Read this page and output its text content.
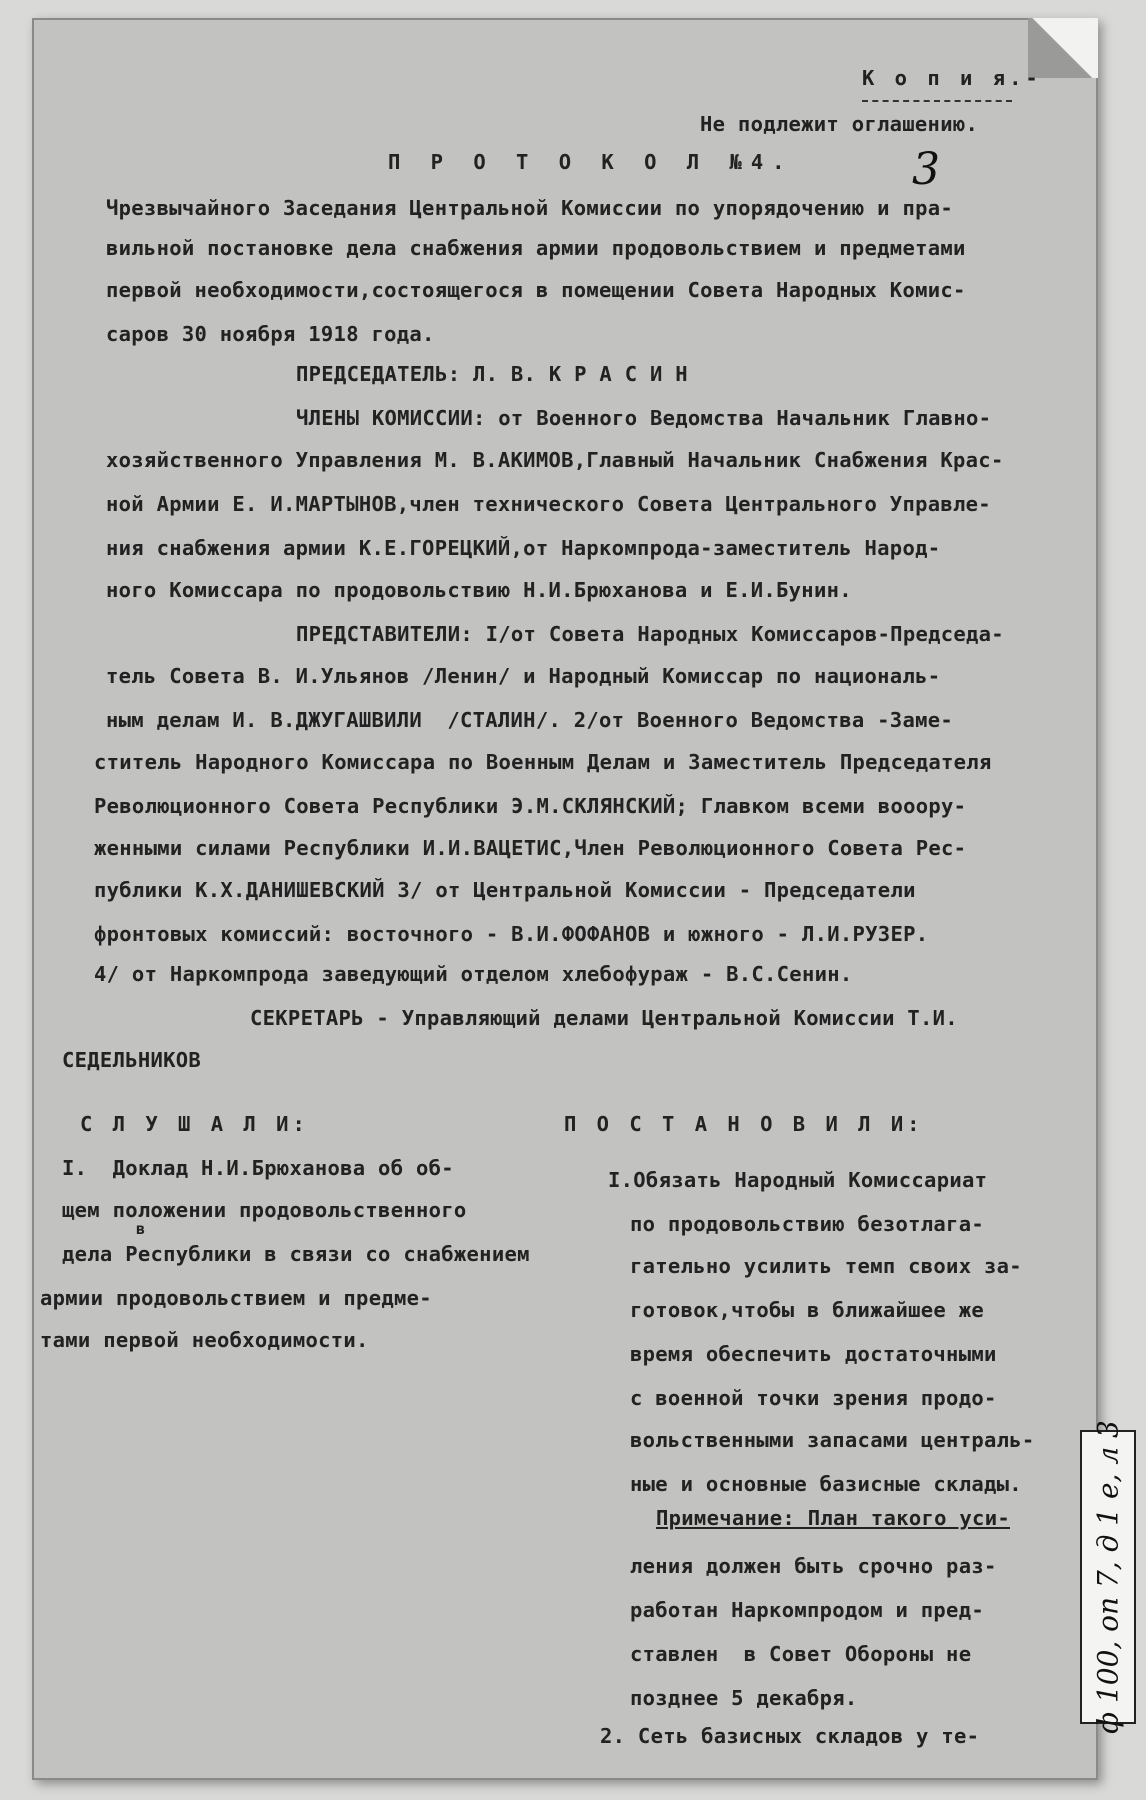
К о п и я.-
Не подлежит оглашению.
3
П Р О Т О К О Л №4.
Чрезвычайного Заседания Центральной Комиссии по упорядочению и пра-
вильной постановке дела снабжения армии продовольствием и предметами
первой необходимости,состоящегося в помещении Совета Народных Комис-
саров 30 ноября 1918 года.
ПРЕДСЕДАТЕЛЬ: Л. В. К Р А С И Н
ЧЛЕНЫ КОМИССИИ: от Военного Ведомства Начальник Главно-
хозяйственного Управления М. В.АКИМОВ,Главный Начальник Снабжения Крас-
ной Армии Е. И.МАРТЫНОВ,член технического Совета Центрального Управле-
ния снабжения армии К.Е.ГОРЕЦКИЙ,от Наркомпрода-заместитель Народ-
ного Комиссара по продовольствию Н.И.Брюханова и Е.И.Бунин.
ПРЕДСТАВИТЕЛИ: I/от Совета Народных Комиссаров-Председа-
тель Совета В. И.Ульянов /Ленин/ и Народный Комиссар по националь-
ным делам И. В.ДЖУГАШВИЛИ  /СТАЛИН/. 2/от Военного Ведомства -Заме-
ститель Народного Комиссара по Военным Делам и Заместитель Председателя
Революционного Совета Республики Э.М.СКЛЯНСКИЙ; Главком всеми вооору-
женными силами Республики И.И.ВАЦЕТИС,Член Революционного Совета Рес-
публики К.Х.ДАНИШЕВСКИЙ 3/ от Центральной Комиссии - Председатели
фронтовых комиссий: восточного - В.И.ФОФАНОВ и южного - Л.И.РУЗЕР.
4/ от Наркомпрода заведующий отделом хлебофураж - В.С.Сенин.
СЕКРЕТАРЬ - Управляющий делами Центральной Комиссии Т.И.
СЕДЕЛЬНИКОВ
С Л У Ш А Л И:
I.  Доклад Н.И.Брюханова об об-
щем положении продовольственного
в
дела Республики в связи со снабжением
армии продовольствием и предме-
тами первой необходимости.
П О С Т А Н О В И Л И:
I.Обязать Народный Комиссариат
по продовольствию безотлага-
гательно усилить темп своих за-
готовок,чтобы в ближайшее же
время обеспечить достаточными
с военной точки зрения продо-
вольственными запасами централь-
ные и основные базисные склады.
Примечание: План такого уси-
ления должен быть срочно раз-
работан Наркомпродом и пред-
ставлен  в Совет Обороны не
позднее 5 декабря.
2. Сеть базисных складов у те-
ф 100, оп 7, д 1 е, л 3
